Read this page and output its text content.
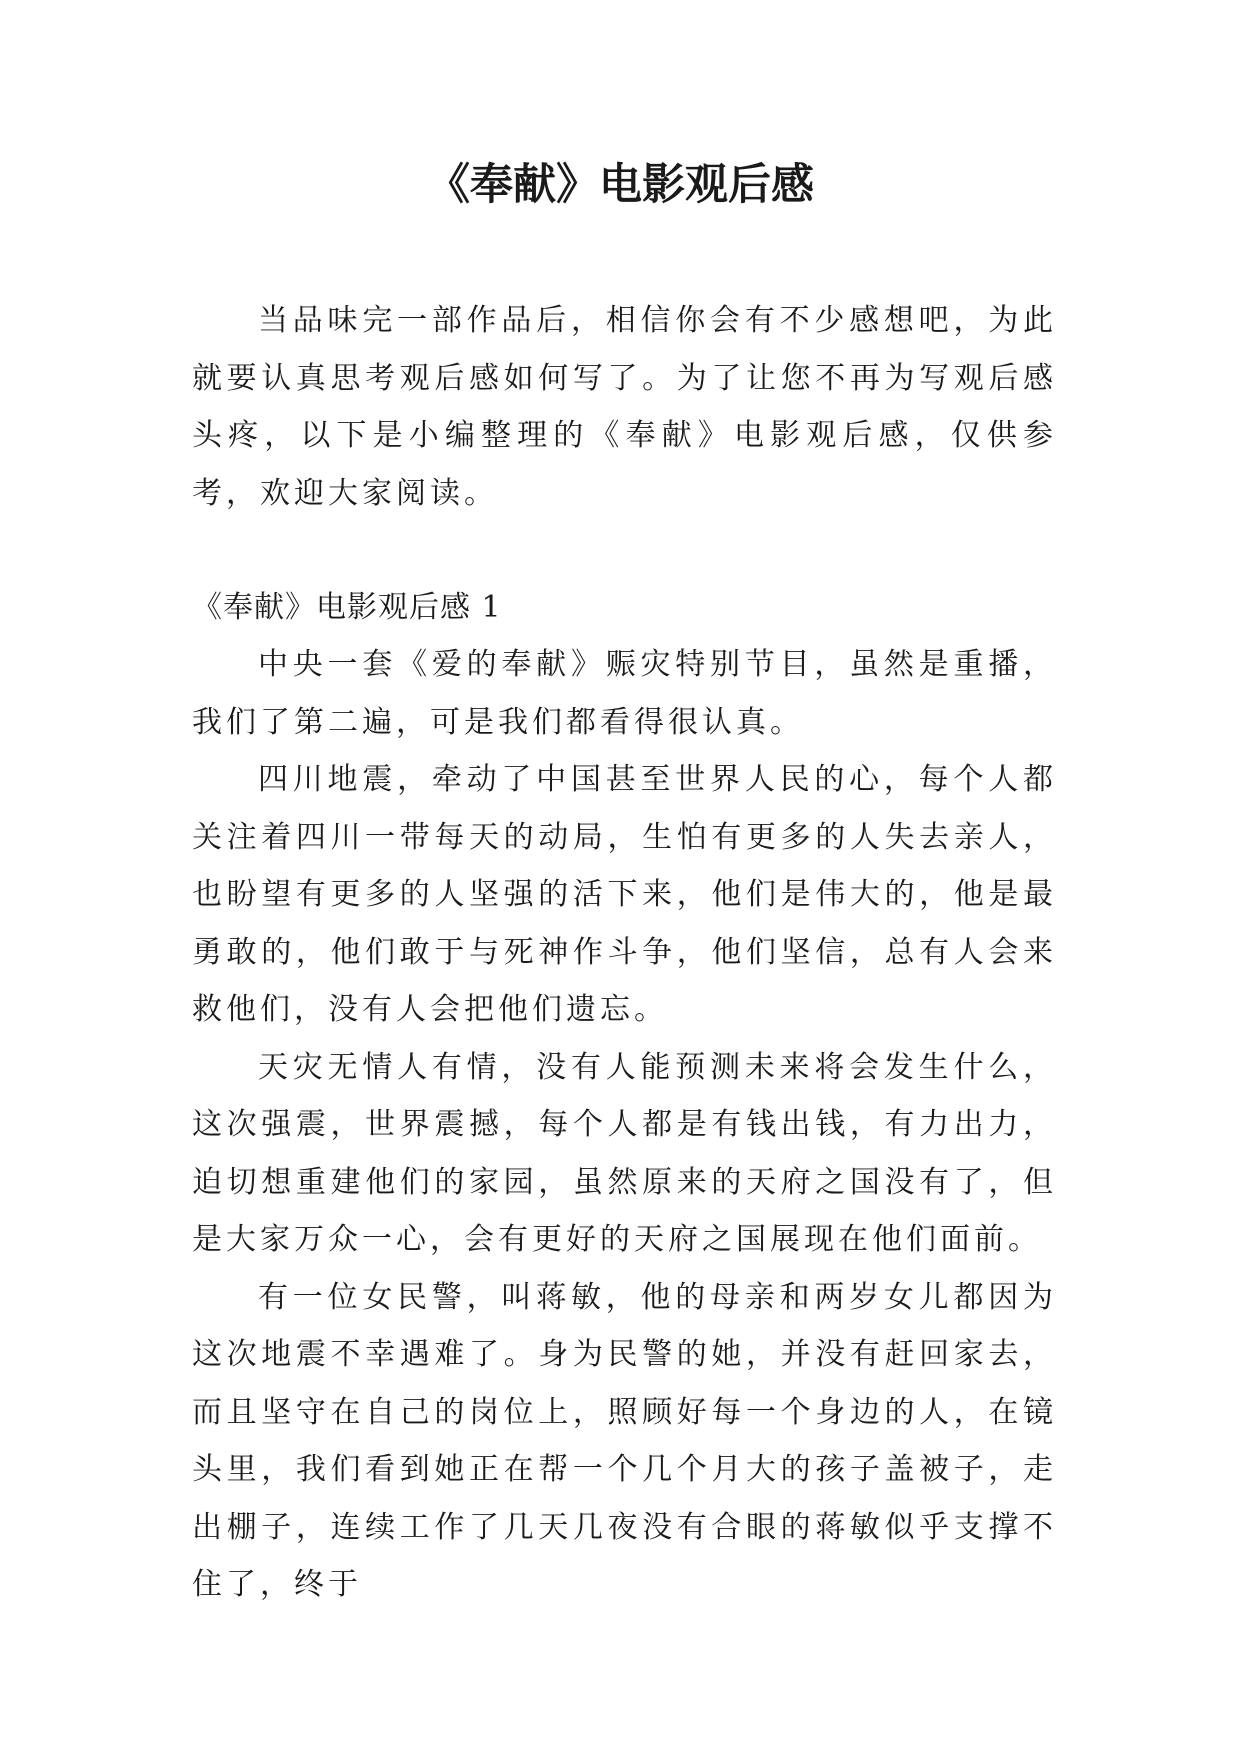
《奉献》电影观后感

当品味完一部作品后，相信你会有不少感想吧，为此就要认真思考观后感如何写了。为了让您不再为写观后感头疼，以下是小编整理的《奉献》电影观后感，仅供参考，欢迎大家阅读。

《奉献》电影观后感 1

中央一套《爱的奉献》赈灾特别节目，虽然是重播，我们了第二遍，可是我们都看得很认真。

四川地震，牵动了中国甚至世界人民的心，每个人都关注着四川一带每天的动局，生怕有更多的人失去亲人，也盼望有更多的人坚强的活下来，他们是伟大的，他是最勇敢的，他们敢于与死神作斗争，他们坚信，总有人会来救他们，没有人会把他们遗忘。

天灾无情人有情，没有人能预测未来将会发生什么，这次强震，世界震撼，每个人都是有钱出钱，有力出力，迫切想重建他们的家园，虽然原来的天府之国没有了，但是大家万众一心，会有更好的天府之国展现在他们面前。

有一位女民警，叫蒋敏，他的母亲和两岁女儿都因为这次地震不幸遇难了。身为民警的她，并没有赶回家去，而且坚守在自己的岗位上，照顾好每一个身边的人，在镜头里，我们看到她正在帮一个几个月大的孩子盖被子，走出棚子，连续工作了几天几夜没有合眼的蒋敏似乎支撑不住了，终于
